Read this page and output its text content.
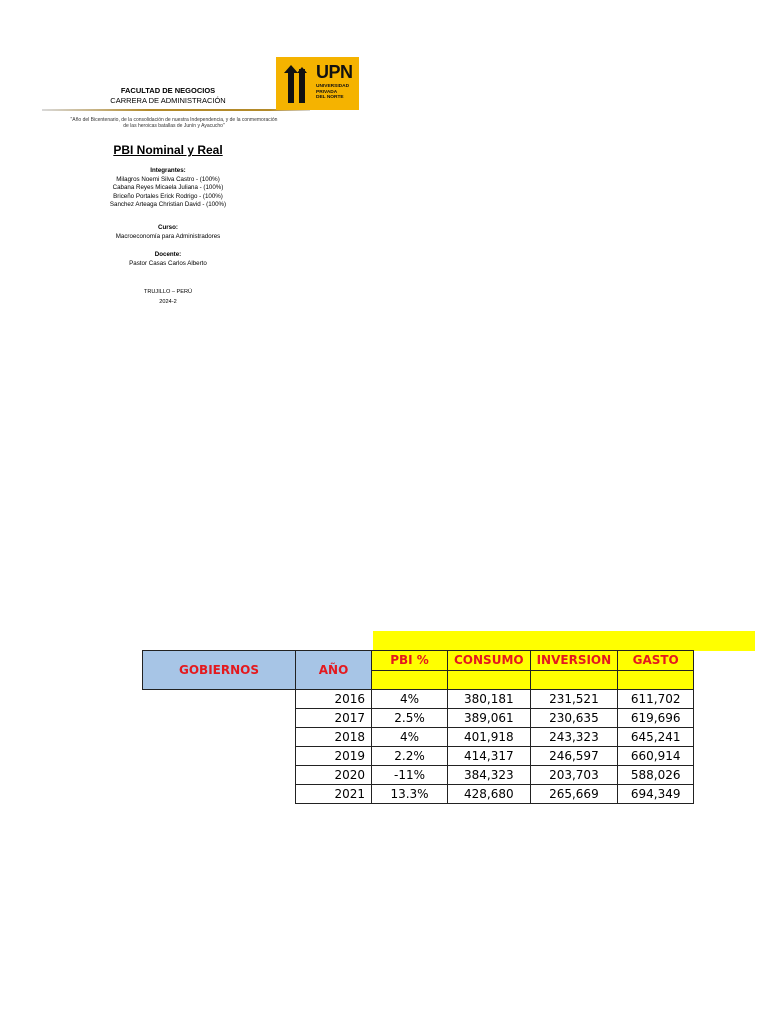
FACULTAD DE NEGOCIOS
CARRERA DE ADMINISTRACIÓN
UPN
UNIVERSIDAD
PRIVADA
DEL NORTE
"Año del Bicentenario, de la consolidación de nuestra Independencia, y de la conmemoración de las heroicas batallas de Junín y Ayacucho"
PBI Nominal y Real
Integrantes:
Milagros Noemi Silva Castro - (100%)
Cabana Reyes Micaela Juliana - (100%)
Briceño Portales Erick Rodrigo - (100%)
Sanchez Arteaga Christian David - (100%)
Curso:
Macroeconomía para Administradores
Docente:
Pastor Casas Carlos Alberto
TRUJILLO – PERÚ
2024-2
GOBIERNOS	AÑO	PBI %	CONSUMO	INVERSION	GASTO

	2016	4%	380,181	231,521	611,702
	2017	2.5%	389,061	230,635	619,696
	2018	4%	401,918	243,323	645,241
	2019	2.2%	414,317	246,597	660,914
	2020	-11%	384,323	203,703	588,026
	2021	13.3%	428,680	265,669	694,349
